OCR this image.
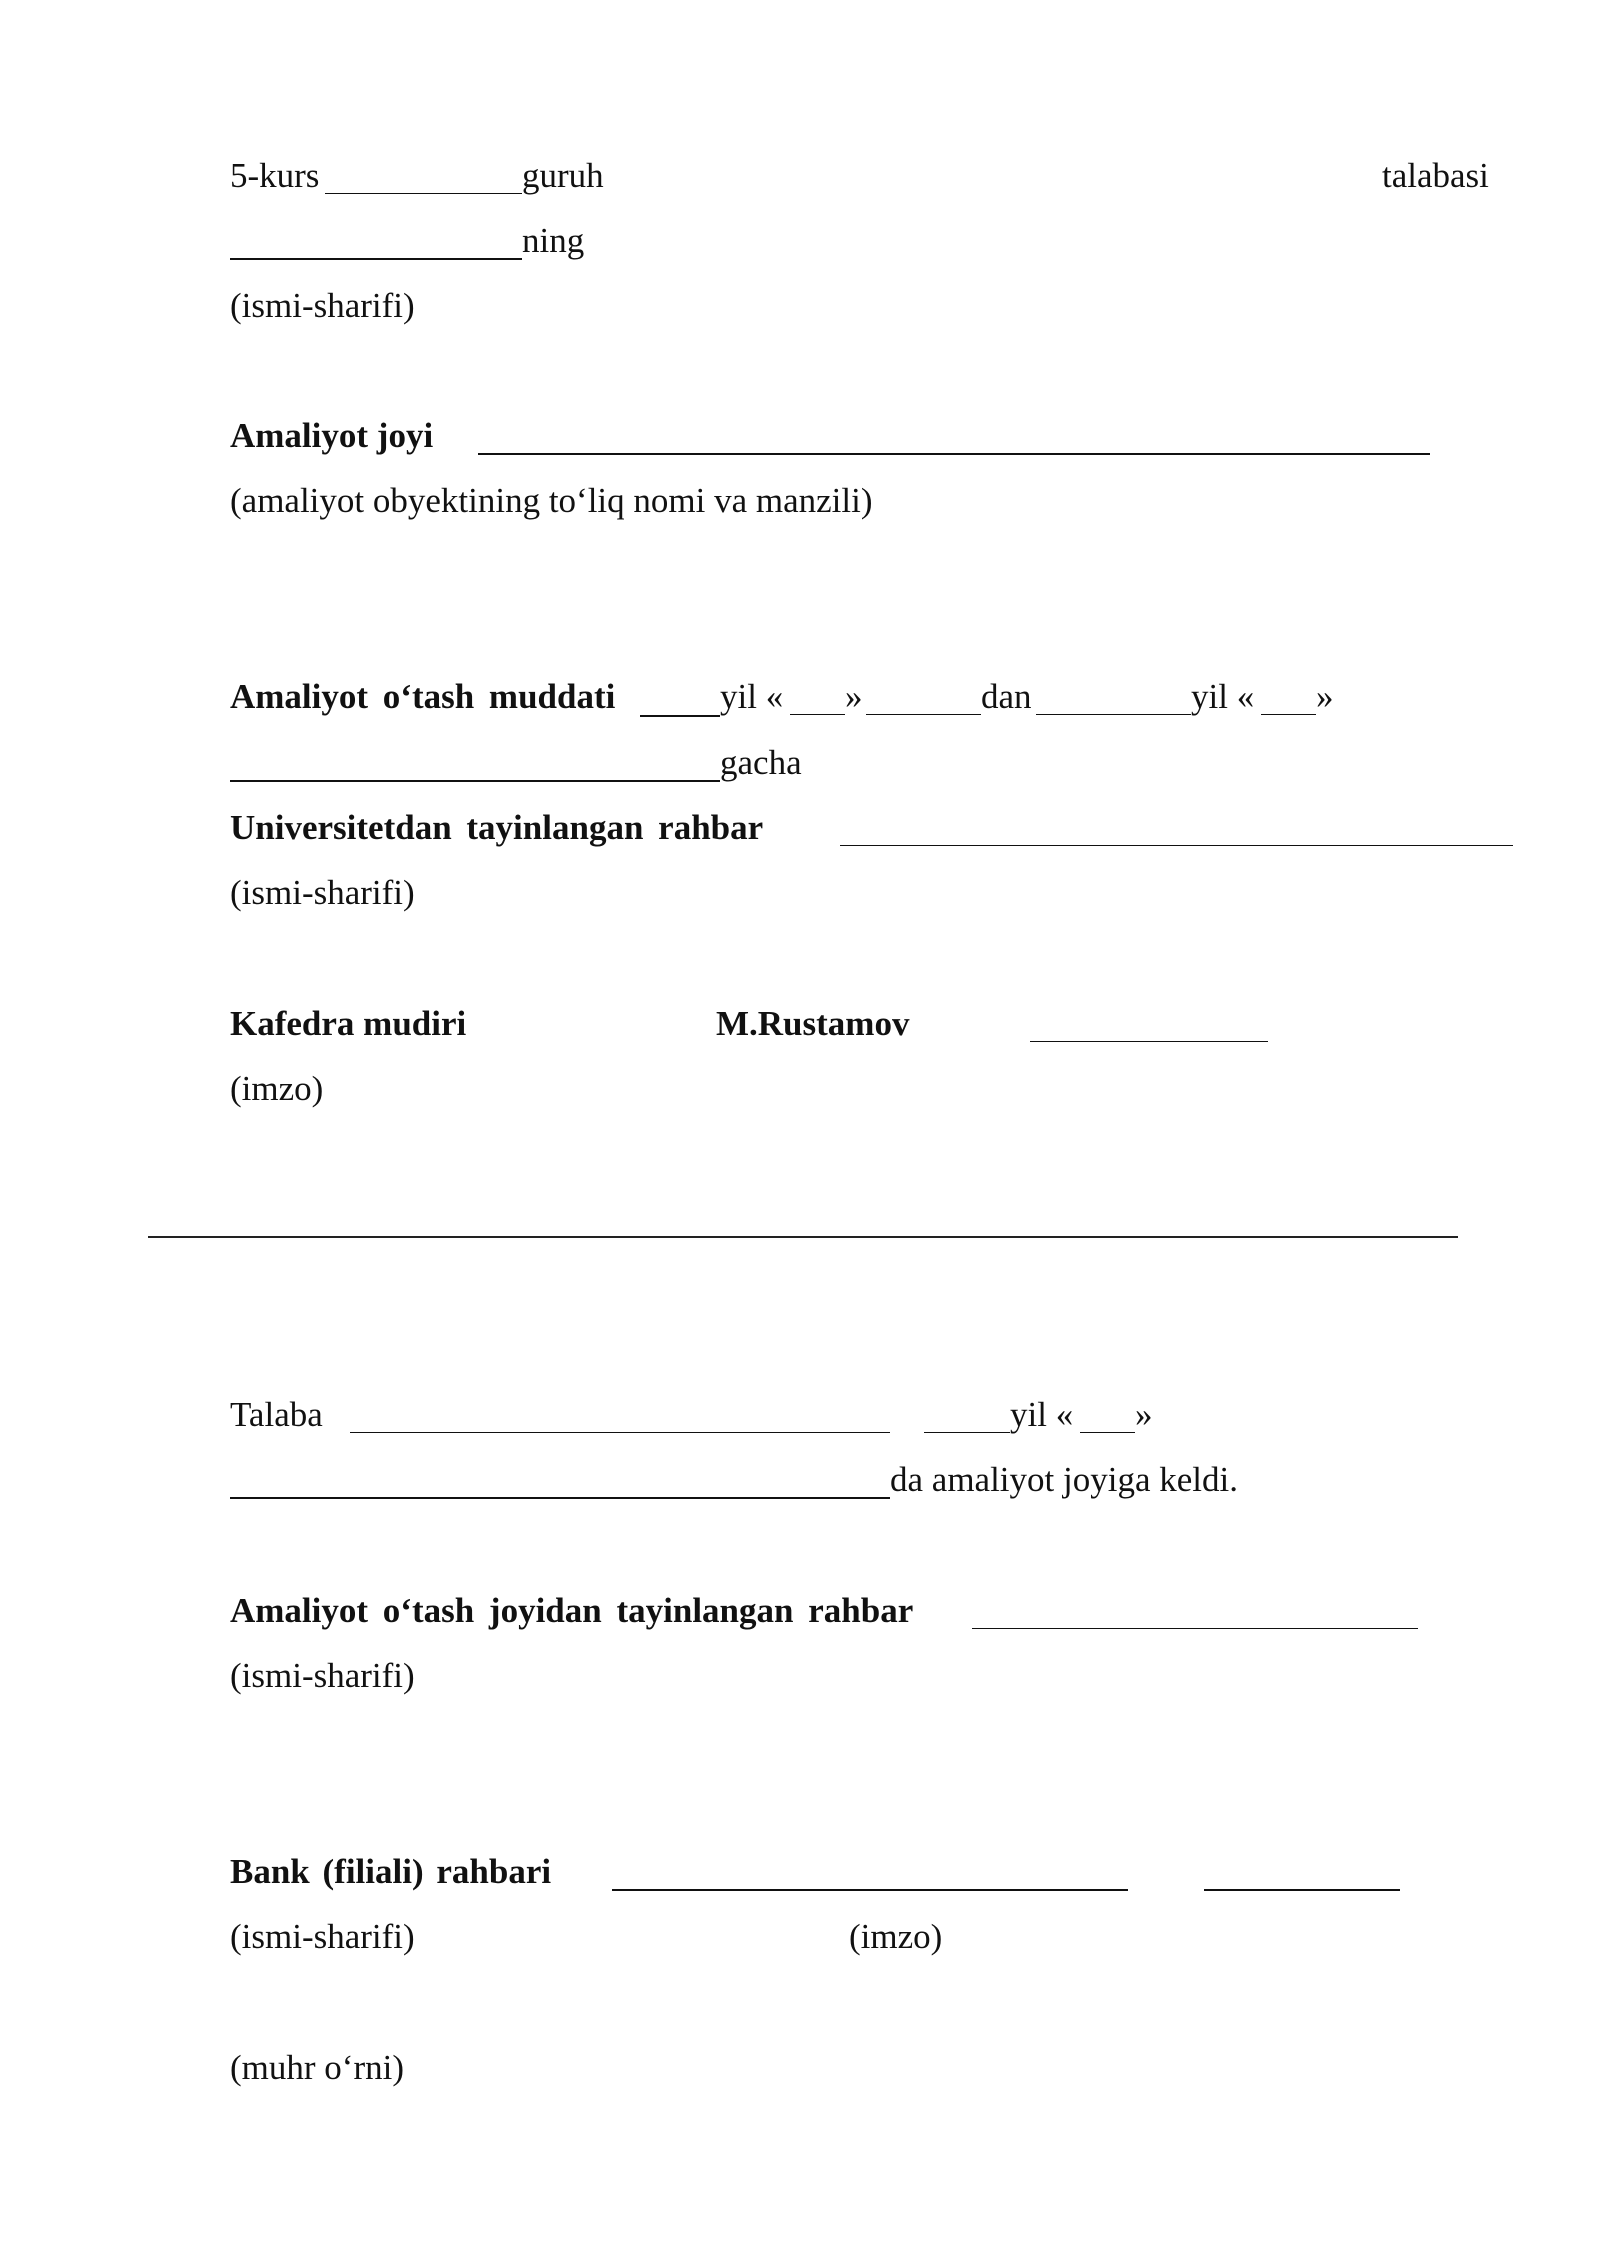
5-kurs	guruh	talabasi
ning
(ismi-sharifi)
Amaliyot joyi
(amaliyot obyektining to‘liq nomi va manzili)
Amaliyot o‘tash muddati	yil « »	dan	yil « »
gacha
Universitetdan tayinlangan rahbar
(ismi-sharifi)
Kafedra mudiri	M.Rustamov
(imzo)
Talaba	yil « »
da amaliyot joyiga keldi.
Amaliyot o‘tash joyidan tayinlangan rahbar
(ismi-sharifi)
Bank (filiali) rahbari
(ismi-sharifi)	(imzo)
(muhr o‘rni)
